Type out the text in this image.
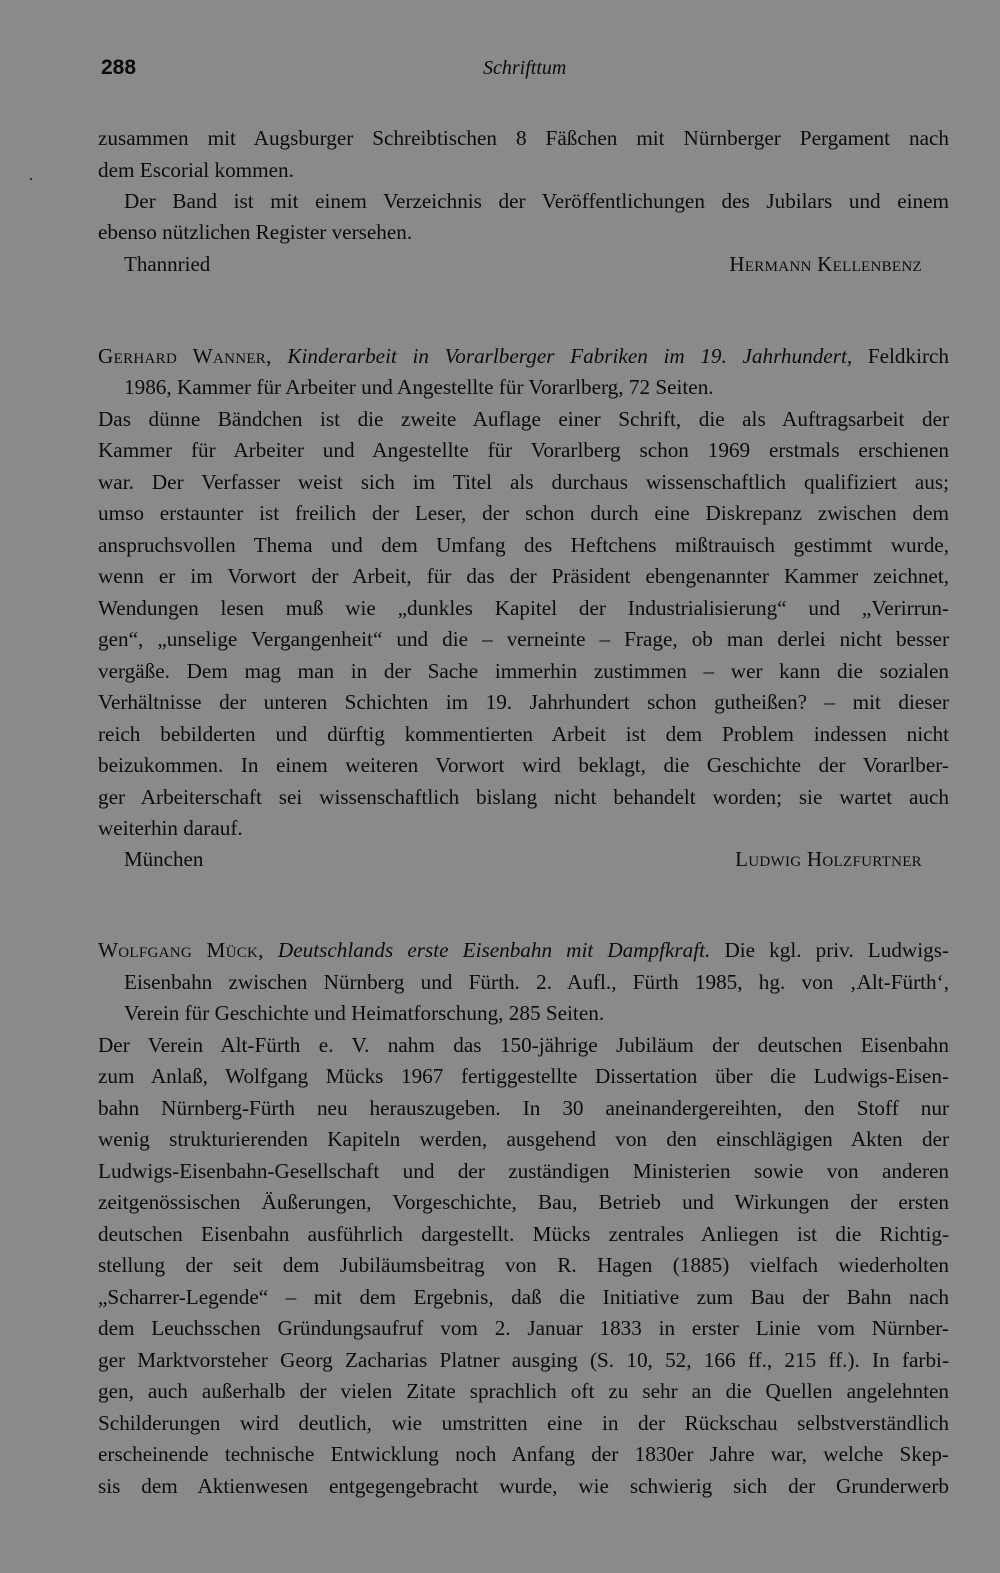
288	Schrifttum
zusammen mit Augsburger Schreibtischen 8 Fäßchen mit Nürnberger Pergament nach
dem Escorial kommen.
Der Band ist mit einem Verzeichnis der Veröffentlichungen des Jubilars und einem
ebenso nützlichen Register versehen.
Thannried	Hermann Kellenbenz
Gerhard Wanner, Kinderarbeit in Vorarlberger Fabriken im 19. Jahrhundert, Feldkirch
1986, Kammer für Arbeiter und Angestellte für Vorarlberg, 72 Seiten.
Das dünne Bändchen ist die zweite Auflage einer Schrift, die als Auftragsarbeit der
Kammer für Arbeiter und Angestellte für Vorarlberg schon 1969 erstmals erschienen
war. Der Verfasser weist sich im Titel als durchaus wissenschaftlich qualifiziert aus;
umso erstaunter ist freilich der Leser, der schon durch eine Diskrepanz zwischen dem
anspruchsvollen Thema und dem Umfang des Heftchens mißtrauisch gestimmt wurde,
wenn er im Vorwort der Arbeit, für das der Präsident ebengenannter Kammer zeichnet,
Wendungen lesen muß wie „dunkles Kapitel der Industrialisierung“ und „Verirrun-
gen“, „unselige Vergangenheit“ und die – verneinte – Frage, ob man derlei nicht besser
vergäße. Dem mag man in der Sache immerhin zustimmen – wer kann die sozialen
Verhältnisse der unteren Schichten im 19. Jahrhundert schon gutheißen? – mit dieser
reich bebilderten und dürftig kommentierten Arbeit ist dem Problem indessen nicht
beizukommen. In einem weiteren Vorwort wird beklagt, die Geschichte der Vorarlber-
ger Arbeiterschaft sei wissenschaftlich bislang nicht behandelt worden; sie wartet auch
weiterhin darauf.
München	Ludwig Holzfurtner
Wolfgang Mück, Deutschlands erste Eisenbahn mit Dampfkraft. Die kgl. priv. Ludwigs-
Eisenbahn zwischen Nürnberg und Fürth. 2. Aufl., Fürth 1985, hg. von ‚Alt-Fürth‘,
Verein für Geschichte und Heimatforschung, 285 Seiten.
Der Verein Alt-Fürth e. V. nahm das 150-jährige Jubiläum der deutschen Eisenbahn
zum Anlaß, Wolfgang Mücks 1967 fertiggestellte Dissertation über die Ludwigs-Eisen-
bahn Nürnberg-Fürth neu herauszugeben. In 30 aneinandergereihten, den Stoff nur
wenig strukturierenden Kapiteln werden, ausgehend von den einschlägigen Akten der
Ludwigs-Eisenbahn-Gesellschaft und der zuständigen Ministerien sowie von anderen
zeitgenössischen Äußerungen, Vorgeschichte, Bau, Betrieb und Wirkungen der ersten
deutschen Eisenbahn ausführlich dargestellt. Mücks zentrales Anliegen ist die Richtig-
stellung der seit dem Jubiläumsbeitrag von R. Hagen (1885) vielfach wiederholten
„Scharrer-Legende“ – mit dem Ergebnis, daß die Initiative zum Bau der Bahn nach
dem Leuchsschen Gründungsaufruf vom 2. Januar 1833 in erster Linie vom Nürnber-
ger Marktvorsteher Georg Zacharias Platner ausging (S. 10, 52, 166 ff., 215 ff.). In farbi-
gen, auch außerhalb der vielen Zitate sprachlich oft zu sehr an die Quellen angelehnten
Schilderungen wird deutlich, wie umstritten eine in der Rückschau selbstverständlich
erscheinende technische Entwicklung noch Anfang der 1830er Jahre war, welche Skep-
sis dem Aktienwesen entgegengebracht wurde, wie schwierig sich der Grunderwerb
